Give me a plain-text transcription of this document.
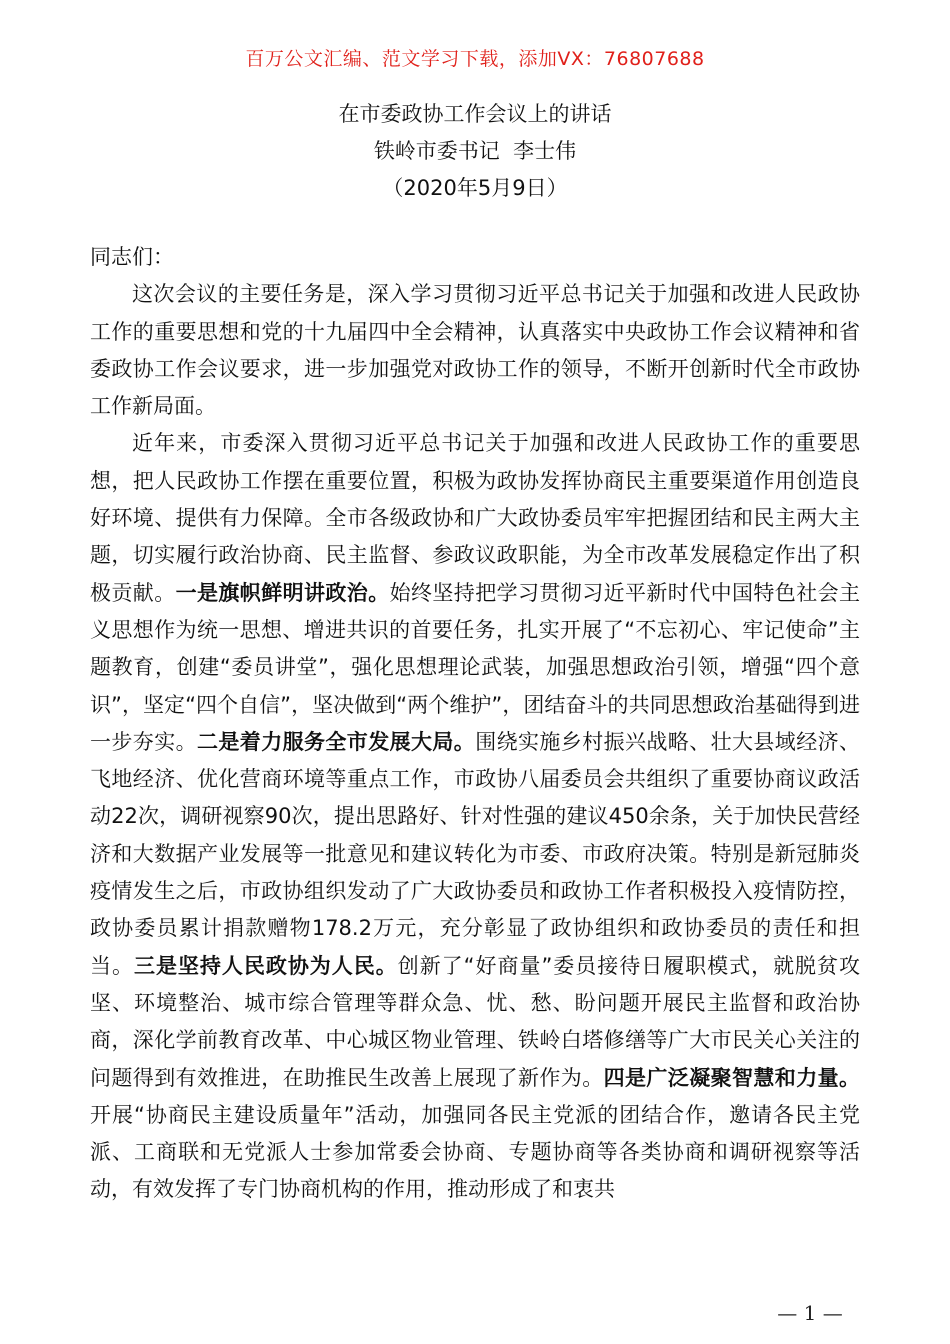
百万公文汇编、范文学习下载，添加VX：76807688
在市委政协工作会议上的讲话
铁岭市委书记  李士伟
（2020年5月9日）

同志们：

这次会议的主要任务是，深入学习贯彻习近平总书记关于加强和改进人民政协工作的重要思想和党的十九届四中全会精神，认真落实中央政协工作会议精神和省委政协工作会议要求，进一步加强党对政协工作的领导，不断开创新时代全市政协工作新局面。

近年来，市委深入贯彻习近平总书记关于加强和改进人民政协工作的重要思想，把人民政协工作摆在重要位置，积极为政协发挥协商民主重要渠道作用创造良好环境、提供有力保障。全市各级政协和广大政协委员牢牢把握团结和民主两大主题，切实履行政治协商、民主监督、参政议政职能，为全市改革发展稳定作出了积极贡献。一是旗帜鲜明讲政治。始终坚持把学习贯彻习近平新时代中国特色社会主义思想作为统一思想、增进共识的首要任务，扎实开展了“不忘初心、牢记使命”主题教育，创建“委员讲堂”，强化思想理论武装，加强思想政治引领，增强“四个意识”，坚定“四个自信”，坚决做到“两个维护”，团结奋斗的共同思想政治基础得到进一步夯实。二是着力服务全市发展大局。围绕实施乡村振兴战略、壮大县域经济、飞地经济、优化营商环境等重点工作，市政协八届委员会共组织了重要协商议政活动22次，调研视察90次，提出思路好、针对性强的建议450余条，关于加快民营经济和大数据产业发展等一批意见和建议转化为市委、市政府决策。特别是新冠肺炎疫情发生之后，市政协组织发动了广大政协委员和政协工作者积极投入疫情防控，政协委员累计捐款赠物178.2万元，充分彰显了政协组织和政协委员的责任和担当。三是坚持人民政协为人民。创新了“好商量”委员接待日履职模式，就脱贫攻坚、环境整治、城市综合管理等群众急、忧、愁、盼问题开展民主监督和政治协商，深化学前教育改革、中心城区物业管理、铁岭白塔修缮等广大市民关心关注的问题得到有效推进，在助推民生改善上展现了新作为。四是广泛凝聚智慧和力量。开展“协商民主建设质量年”活动，加强同各民主党派的团结合作，邀请各民主党派、工商联和无党派人士参加常委会协商、专题协商等各类协商和调研视察等活动，有效发挥了专门协商机构的作用，推动形成了和衷共

— 1 —
